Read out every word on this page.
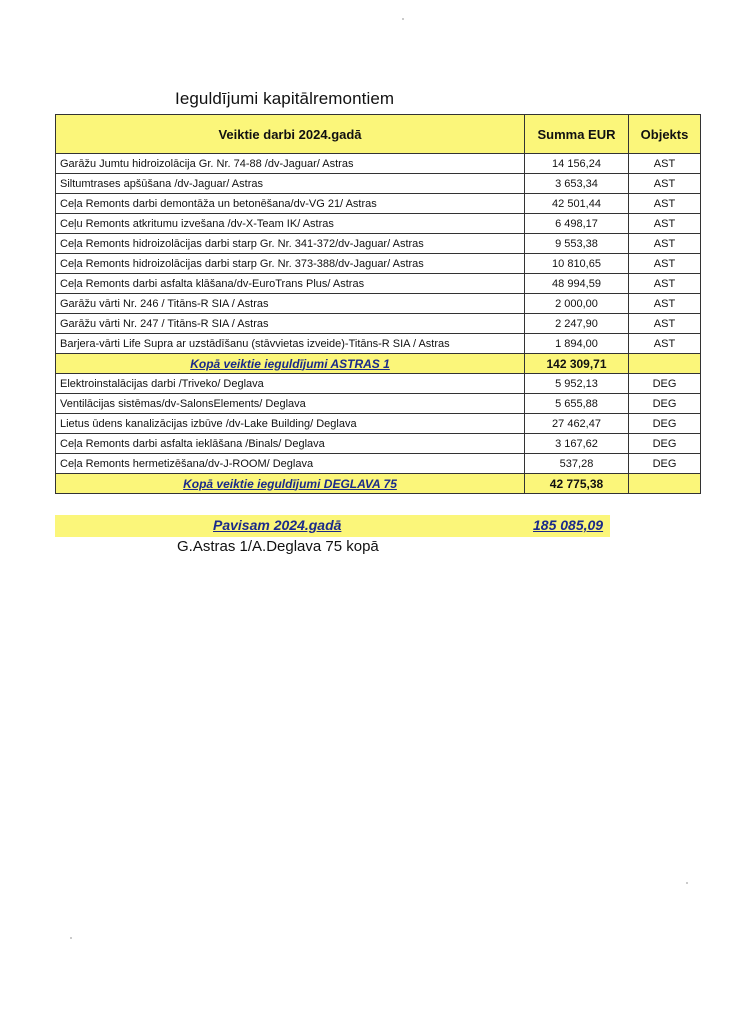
Ieguldījumi kapitālremontiem
Veiktie darbi 2024.gadā	Summa EUR	Objekts
Garāžu Jumtu hidroizolācija Gr. Nr. 74-88 /dv-Jaguar/ Astras	14 156,24	AST
Siltumtrases apšūšana /dv-Jaguar/ Astras	3 653,34	AST
Ceļa Remonts darbi demontāža un betonēšana/dv-VG 21/ Astras	42 501,44	AST
Ceļu Remonts atkritumu izvešana /dv-X-Team IK/ Astras	6 498,17	AST
Ceļa Remonts hidroizolācijas darbi starp Gr. Nr. 341-372/dv-Jaguar/ Astras	9 553,38	AST
Ceļa Remonts hidroizolācijas darbi starp Gr. Nr. 373-388/dv-Jaguar/ Astras	10 810,65	AST
Ceļa Remonts darbi asfalta klāšana/dv-EuroTrans Plus/ Astras	48 994,59	AST
Garāžu vārti Nr. 246 / Titāns-R SIA / Astras	2 000,00	AST
Garāžu vārti Nr. 247 / Titāns-R SIA / Astras	2 247,90	AST
Barjera-vārti Life Supra ar uzstādīšanu (stāvvietas izveide)-Titāns-R SIA / Astras	1 894,00	AST
Kopā veiktie ieguldījumi ASTRAS 1	142 309,71	
Elektroinstalācijas darbi /Triveko/ Deglava	5 952,13	DEG
Ventilācijas sistēmas/dv-SalonsElements/ Deglava	5 655,88	DEG
Lietus ūdens kanalizācijas izbūve /dv-Lake Building/ Deglava	27 462,47	DEG
Ceļa Remonts darbi asfalta ieklāšana /Binals/ Deglava	3 167,62	DEG
Ceļa Remonts hermetizēšana/dv-J-ROOM/ Deglava	537,28	DEG
Kopā veiktie ieguldījumi DEGLAVA 75	42 775,38	
Pavisam 2024.gadā	185 085,09
G.Astras 1/A.Deglava 75 kopā
